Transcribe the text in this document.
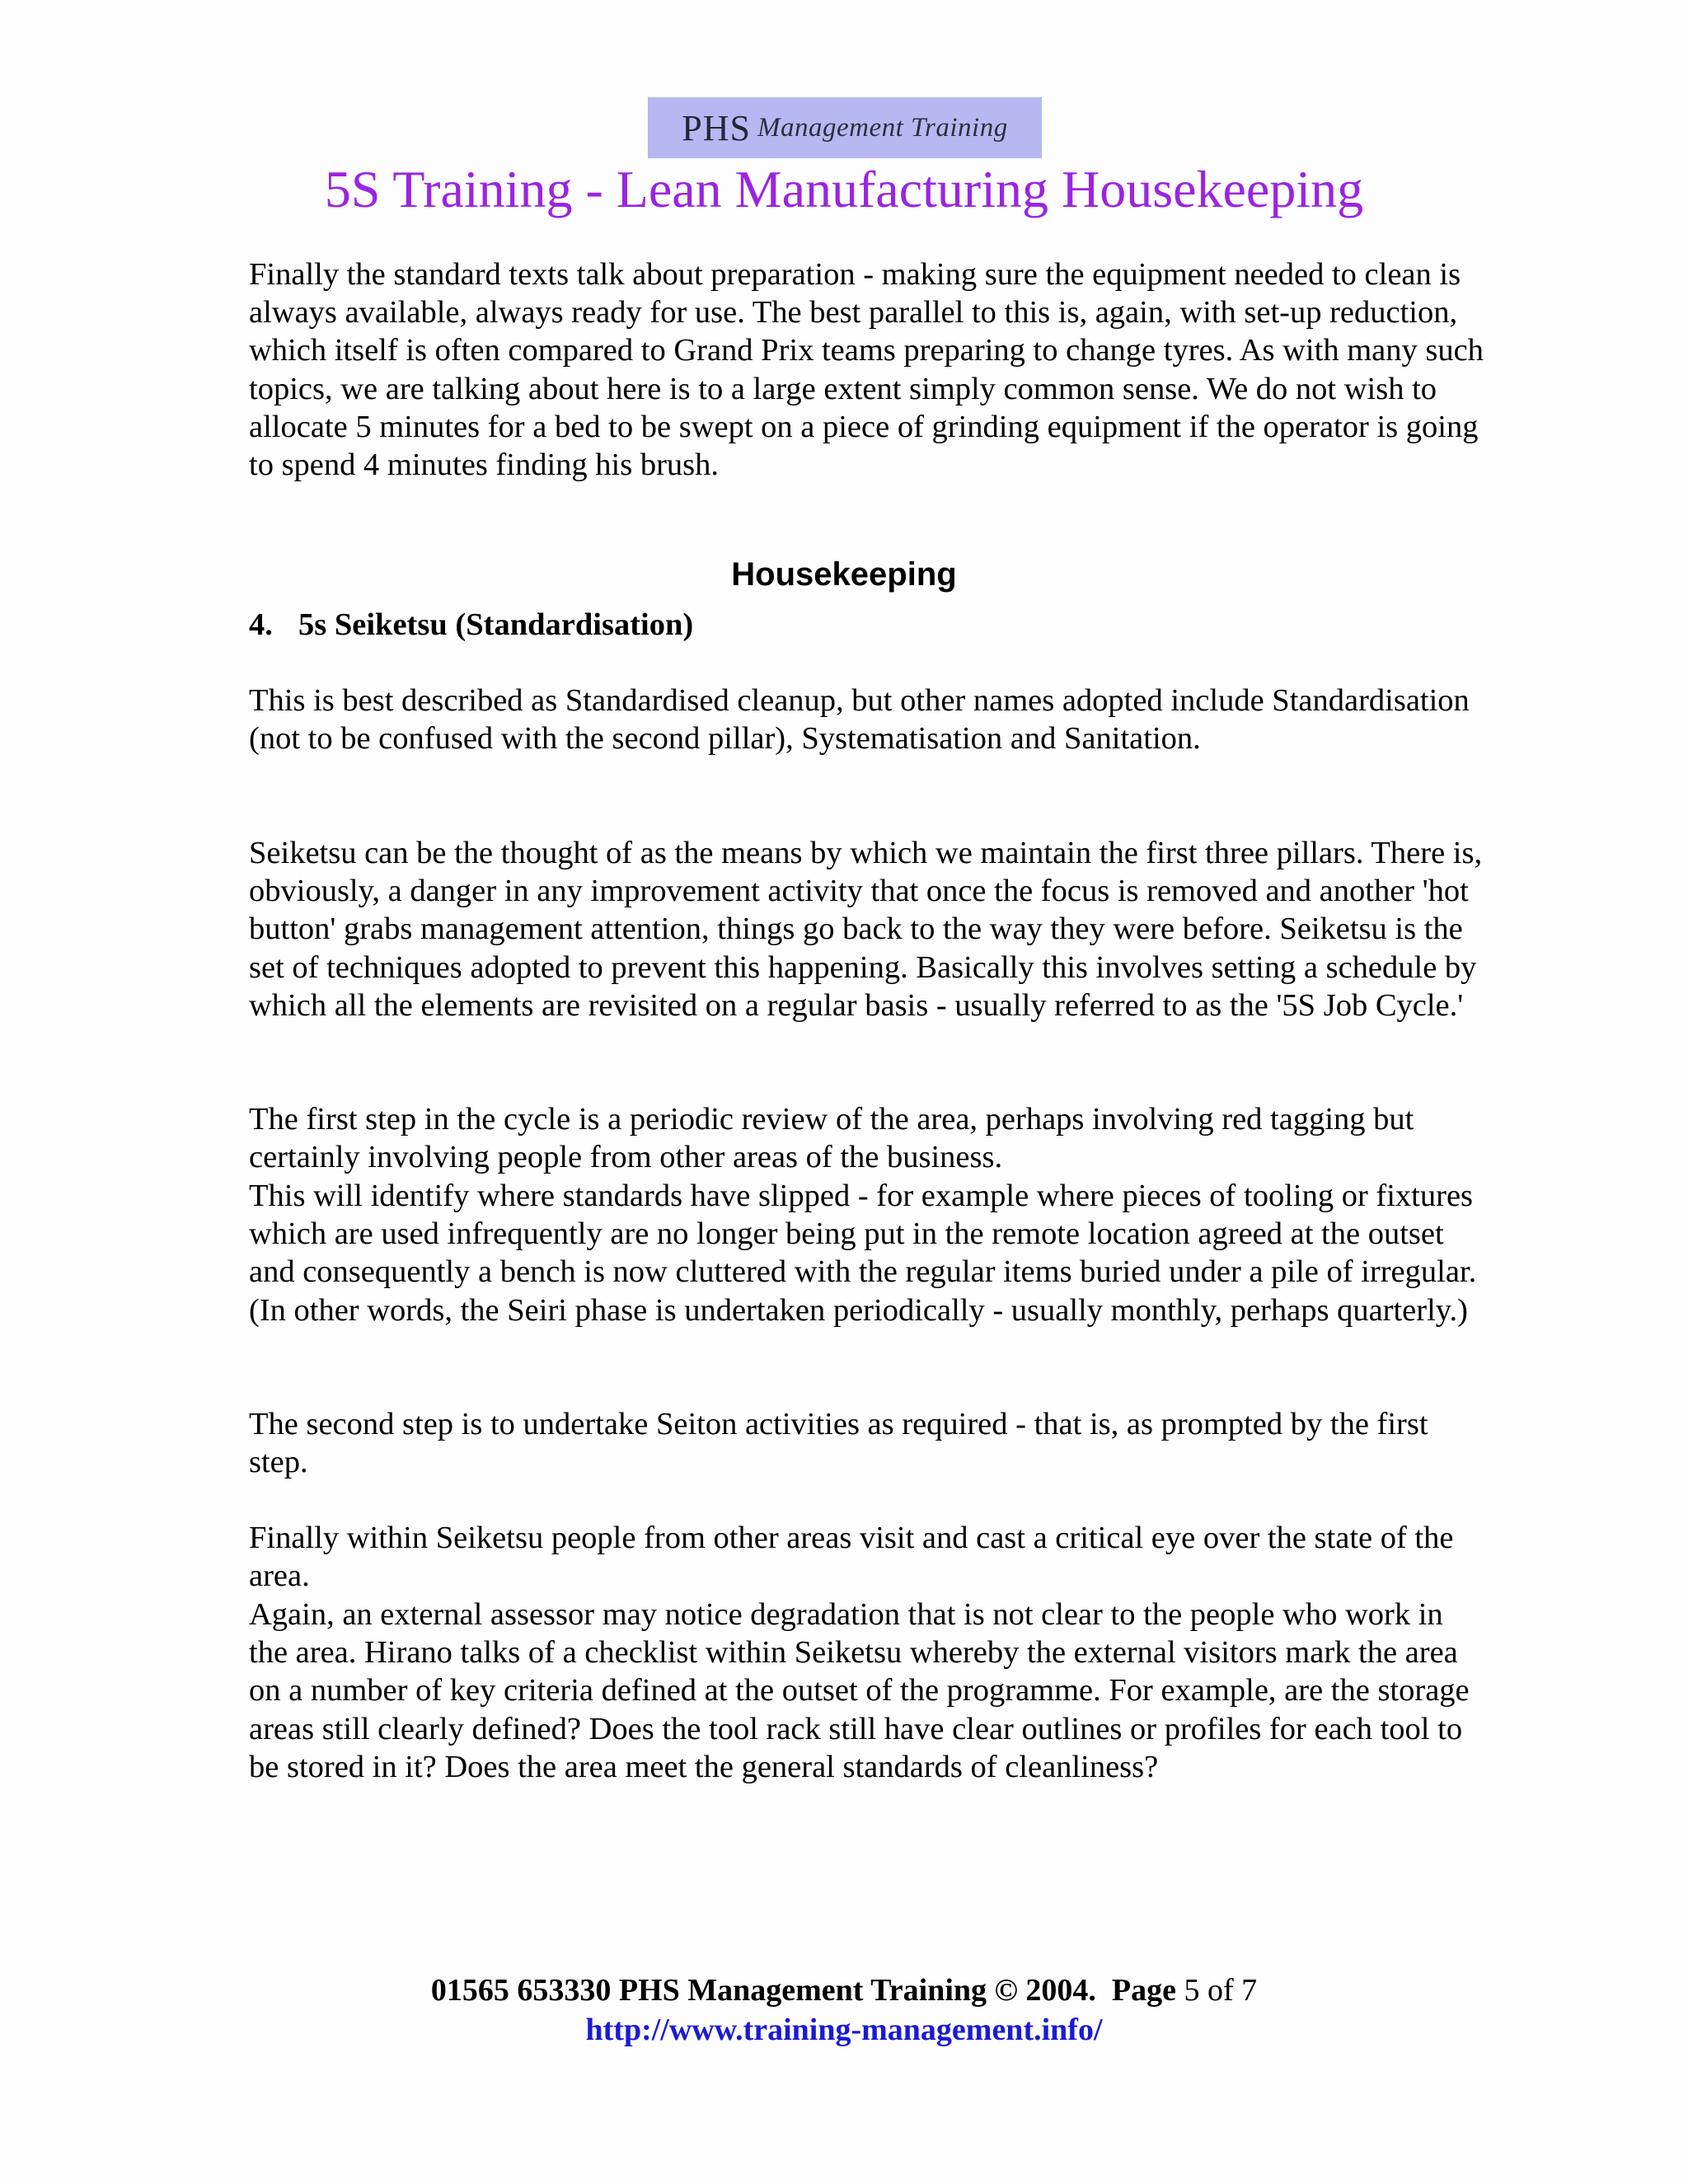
PHS Management Training
5S Training - Lean Manufacturing Housekeeping

Finally the standard texts talk about preparation - making sure the equipment needed to clean is always available, always ready for use. The best parallel to this is, again, with set-up reduction, which itself is often compared to Grand Prix teams preparing to change tyres. As with many such topics, we are talking about here is to a large extent simply common sense. We do not wish to allocate 5 minutes for a bed to be swept on a piece of grinding equipment if the operator is going to spend 4 minutes finding his brush.

Housekeeping
4. 5s Seiketsu (Standardisation)

This is best described as Standardised cleanup, but other names adopted include Standardisation (not to be confused with the second pillar), Systematisation and Sanitation.

Seiketsu can be the thought of as the means by which we maintain the first three pillars. There is, obviously, a danger in any improvement activity that once the focus is removed and another 'hot button' grabs management attention, things go back to the way they were before. Seiketsu is the set of techniques adopted to prevent this happening. Basically this involves setting a schedule by which all the elements are revisited on a regular basis - usually referred to as the '5S Job Cycle.'

The first step in the cycle is a periodic review of the area, perhaps involving red tagging but certainly involving people from other areas of the business.

This will identify where standards have slipped - for example where pieces of tooling or fixtures which are used infrequently are no longer being put in the remote location agreed at the outset and consequently a bench is now cluttered with the regular items buried under a pile of irregular. (In other words, the Seiri phase is undertaken periodically - usually monthly, perhaps quarterly.)

The second step is to undertake Seiton activities as required - that is, as prompted by the first step.

Finally within Seiketsu people from other areas visit and cast a critical eye over the state of the area.

Again, an external assessor may notice degradation that is not clear to the people who work in the area. Hirano talks of a checklist within Seiketsu whereby the external visitors mark the area on a number of key criteria defined at the outset of the programme. For example, are the storage areas still clearly defined? Does the tool rack still have clear outlines or profiles for each tool to be stored in it? Does the area meet the general standards of cleanliness?

01565 653330 PHS Management Training © 2004. Page 5 of 7
http://www.training-management.info/
